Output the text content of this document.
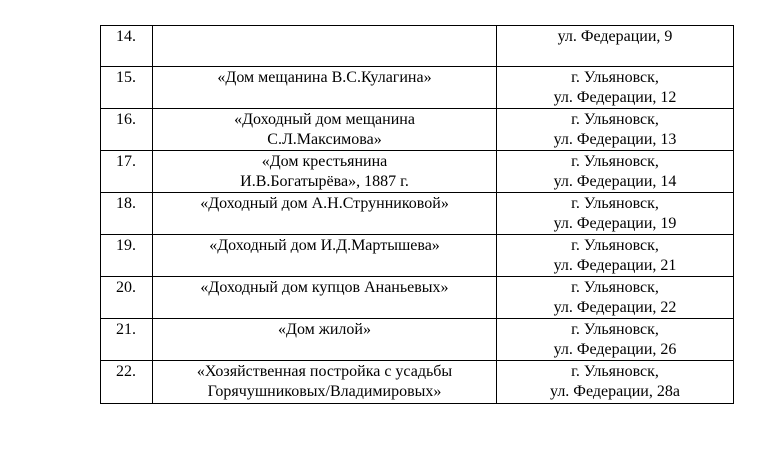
14.		ул. Федерации, 9

15.	«Дом мещанина В.С.Кулагина»	г. Ульяновск,
ул. Федерации, 12

16.	«Доходный дом мещанина
С.Л.Максимова»	г. Ульяновск,
ул. Федерации, 13

17.	«Дом крестьянина
И.В.Богатырёва», 1887 г.	г. Ульяновск,
ул. Федерации, 14

18.	«Доходный дом А.Н.Струнниковой»	г. Ульяновск,
ул. Федерации, 19

19.	«Доходный дом И.Д.Мартышева»	г. Ульяновск,
ул. Федерации, 21

20.	«Доходный дом купцов Ананьевых»	г. Ульяновск,
ул. Федерации, 22

21.	«Дом жилой»	г. Ульяновск,
ул. Федерации, 26

22.	«Хозяйственная постройка с усадьбы
Горячушниковых/Владимировых»	г. Ульяновск,
ул. Федерации, 28а
